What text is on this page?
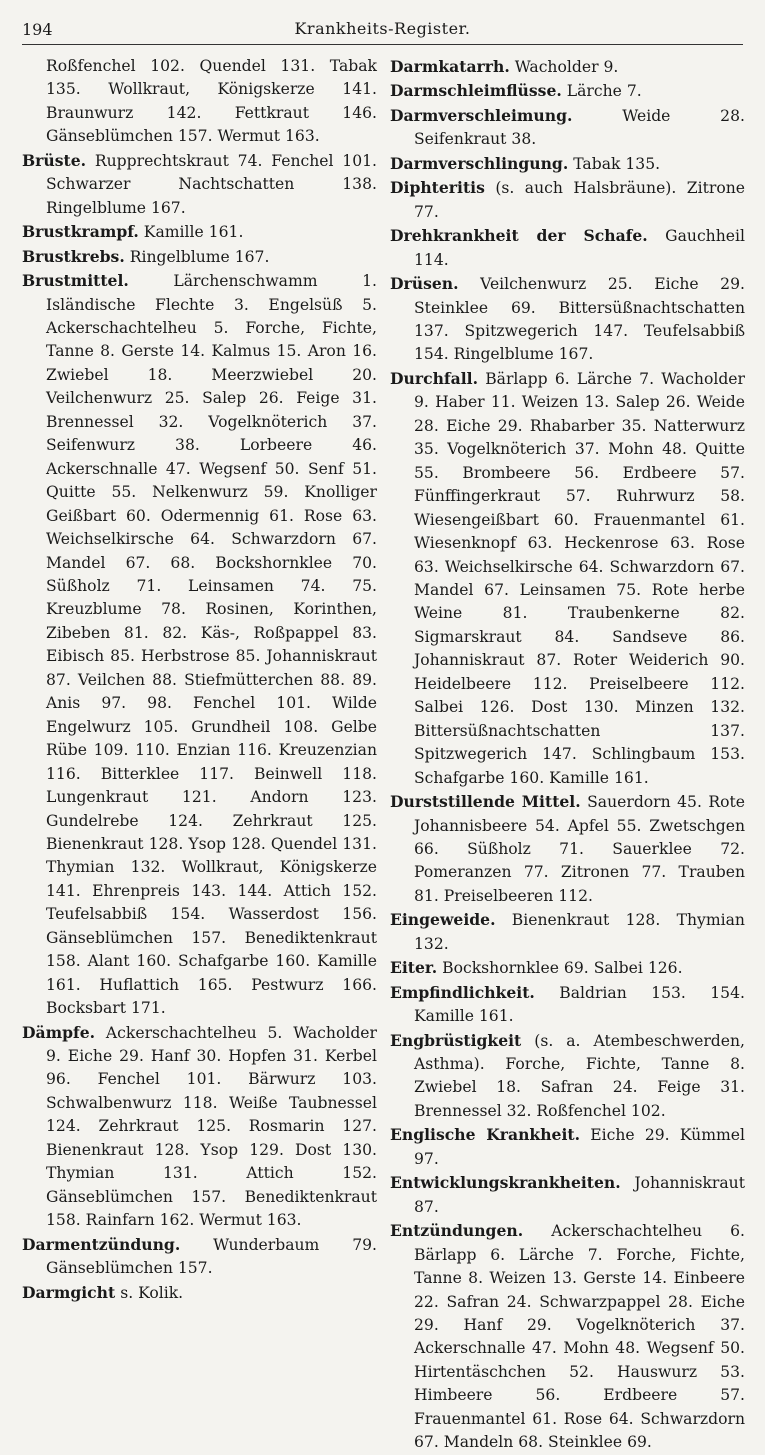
194	Krankheits-Register.

Roßfenchel 102. Quendel 131. Tabak 135. Wollkraut, Königskerze 141. Braunwurz 142. Fettkraut 146. Gänseblümchen 157. Wermut 163.

Brüste. Rupprechtskraut 74. Fenchel 101. Schwarzer Nachtschatten 138. Ringelblume 167.

Brustkrampf. Kamille 161.

Brustkrebs. Ringelblume 167.

Brustmittel.	Lärchenschwamm 1. Isländische Flechte 3. Engelsüß 5. Ackerschachtelheu 5. Forche, Fichte, Tanne 8. Gerste 14. Kalmus 15. Aron 16. Zwiebel 18. Meerzwiebel 20. Veilchenwurz 25. Salep 26. Feige 31. Brennessel 32. Vogelknöterich 37. Seifenwurz 38. Lorbeere 46. Ackerschnalle 47. Wegsenf 50. Senf 51. Quitte 55. Nelkenwurz 59. Knolliger Geißbart 60. Odermennig 61. Rose 63. Weichselkirsche 64. Schwarzdorn 67. Mandel 67. 68. Bockshornklee 70. Süßholz 71. Leinsamen 74. 75. Kreuzblume 78. Rosinen, Korinthen, Zibeben 81. 82. Käs-, Roßpappel 83. Eibisch 85. Herbstrose 85. Johanniskraut 87. Veilchen 88. Stiefmütterchen 88. 89. Anis 97. 98. Fenchel 101. Wilde Engelwurz 105. Grundheil 108. Gelbe Rübe 109. 110. Enzian 116. Kreuzenzian 116. Bitterklee 117. Beinwell 118. Lungenkraut 121. Andorn 123. Gundelrebe 124. Zehrkraut 125. Bienenkraut 128. Ysop 128. Quendel 131. Thymian 132. Wollkraut, Königskerze 141. Ehrenpreis 143. 144. Attich 152. Teufelsabbiß 154. Wasserdost 156. Gänseblümchen 157. Benediktenkraut 158. Alant 160. Schafgarbe 160. Kamille 161. Huflattich 165. Pestwurz 166. Bocksbart 171.

Dämpfe. Ackerschachtelheu 5. Wacholder 9. Eiche 29. Hanf 30. Hopfen 31. Kerbel 96. Fenchel 101. Bärwurz 103. Schwalbenwurz 118. Weiße Taubnessel 124. Zehrkraut 125. Rosmarin 127. Bienenkraut 128. Ysop 129. Dost 130. Thymian 131. Attich 152. Gänseblümchen 157. Benediktenkraut 158. Rainfarn 162. Wermut 163.

Darmentzündung. Wunderbaum 79. Gänseblümchen 157.

Darmgicht s. Kolik.

Darmkatarrh. Wacholder 9.

Darmschleimflüsse. Lärche 7.

Darmverschleimung.	Weide 28. Seifenkraut 38.

Darmverschlingung. Tabak 135.

Diphteritis (s. auch Halsbräune). Zitrone 77.

Drehkrankheit der Schafe. Gauchheil 114.

Drüsen. Veilchenwurz 25. Eiche 29. Steinklee 69. Bittersüßnachtschatten 137. Spitzwegerich 147. Teufelsabbiß 154. Ringelblume 167.

Durchfall. Bärlapp 6. Lärche 7. Wacholder 9. Haber 11. Weizen 13. Salep 26. Weide 28. Eiche 29. Rhabarber 35. Natterwurz 35. Vogelknöterich 37. Mohn 48. Quitte 55. Brombeere 56. Erdbeere 57. Fünffingerkraut 57. Ruhrwurz 58. Wiesengeißbart 60. Frauenmantel 61. Wiesenknopf 63. Heckenrose 63. Rose 63. Weichselkirsche 64. Schwarzdorn 67. Mandel 67. Leinsamen 75. Rote herbe Weine 81. Traubenkerne 82. Sigmarskraut 84. Sandsеve 86. Johanniskraut 87. Roter Weiderich 90. Heidelbeere 112. Preiselbeere 112. Salbei 126. Dost 130. Minzen 132. Bittersüßnachtschatten 137. Spitzwegerich 147. Schlingbaum 153. Schafgarbe 160. Kamille 161.

Durststillende Mittel. Sauerdorn 45. Rote Johannisbeere 54. Apfel 55. Zwetschgen 66. Süßholz 71. Sauerklee 72. Pomeranzen 77. Zitronen 77. Trauben 81. Preiselbeeren 112.

Eingeweide. Bienenkraut 128. Thymian 132.

Eiter. Bockshornklee 69. Salbei 126.

Empfindlichkeit. Baldrian 153. 154. Kamille 161.

Engbrüstigkeit (s. a. Atembeschwerden, Asthma). Forche, Fichte, Tanne 8. Zwiebel 18. Safran 24. Feige 31. Brennessel 32. Roßfenchel 102.

Englische Krankheit. Eiche 29. Kümmel 97.

Entwicklungskrankheiten. Johanniskraut 87.

Entzündungen. Ackerschachtelheu 6. Bärlapp 6. Lärche 7. Forche, Fichte, Tanne 8. Weizen 13. Gerste 14. Einbeere 22. Safran 24. Schwarzpappel 28. Eiche 29. Hanf 29. Vogelknöterich 37. Ackerschnalle 47. Mohn 48. Wegsenf 50. Hirtentäschchen 52. Hauswurz 53. Himbeere 56. Erdbeere 57. Frauenmantel 61. Rose 64. Schwarzdorn 67. Mandeln 68. Steinklee 69.
